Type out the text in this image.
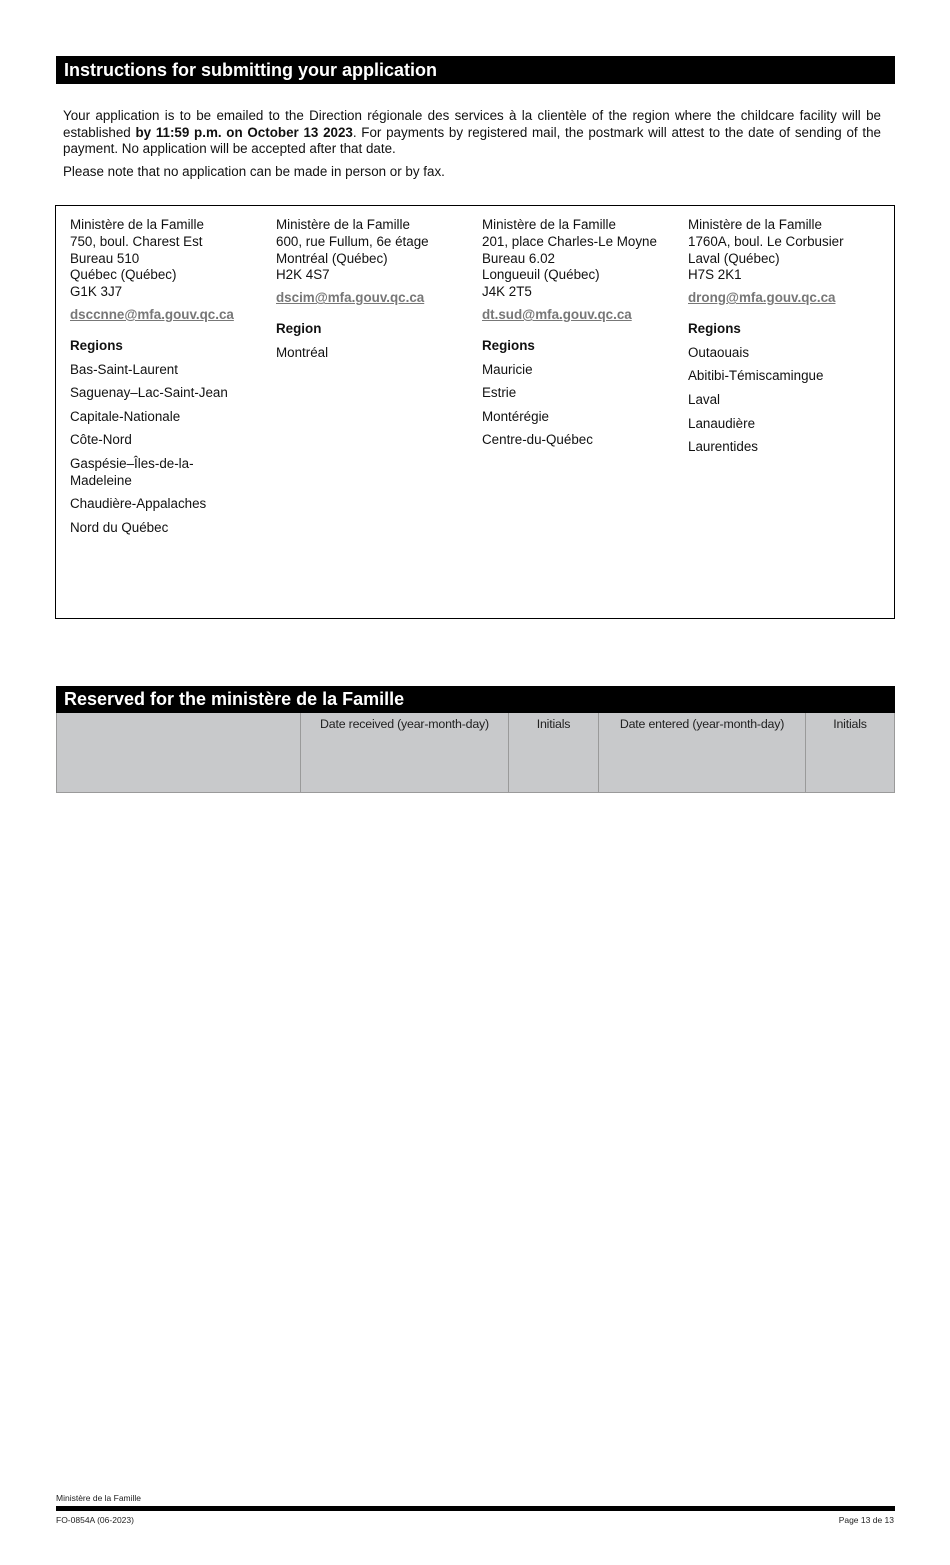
Instructions for submitting your application

Your application is to be emailed to the Direction régionale des services à la clientèle of the region where the childcare facility will be established by 11:59 p.m. on October 13 2023. For payments by registered mail, the postmark will attest to the date of sending of the payment. No application will be accepted after that date.

Please note that no application can be made in person or by fax.

Ministère de la Famille
750, boul. Charest Est
Bureau 510
Québec (Québec)
G1K 3J7
dsccnne@mfa.gouv.qc.ca
Regions
Bas-Saint-Laurent
Saguenay–Lac-Saint-Jean
Capitale-Nationale
Côte-Nord
Gaspésie–Îles-de-la-Madeleine
Chaudière-Appalaches
Nord du Québec
Ministère de la Famille
600, rue Fullum, 6e étage
Montréal (Québec)
H2K 4S7
dscim@mfa.gouv.qc.ca
Region
Montréal
Ministère de la Famille
201, place Charles-Le Moyne
Bureau 6.02
Longueuil (Québec)
J4K 2T5
dt.sud@mfa.gouv.qc.ca
Regions
Mauricie
Estrie
Montérégie
Centre-du-Québec
Ministère de la Famille
1760A, boul. Le Corbusier
Laval (Québec)
H7S 2K1
drong@mfa.gouv.qc.ca
Regions
Outaouais
Abitibi-Témiscamingue
Laval
Lanaudière
Laurentides
Reserved for the ministère de la Famille
Date received (year-month-day)	Initials	Date entered (year-month-day)	Initials
Ministère de la Famille
FO-0854A (06-2023)	Page 13 de 13
